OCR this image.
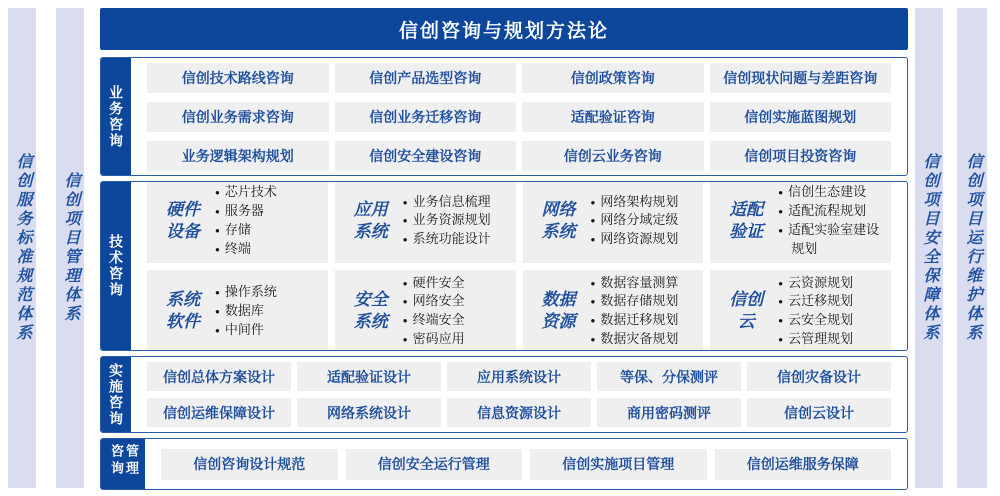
信创服务标准规范体系 信创项目管理体系
信创咨询与规划方法论
业务咨询
信创技术路线咨询	信创产品选型咨询	信创政策咨询	信创现状问题与差距咨询
信创业务需求咨询	信创业务迁移咨询	适配验证咨询	信创实施蓝图规划
业务逻辑架构规划	信创安全建设咨询	信创云业务咨询	信创项目投资咨询
技术咨询
硬件设备
● 芯片技术
● 服务器
● 存储
● 终端
应用系统
● 业务信息梳理
● 业务资源规划
● 系统功能设计
网络系统
● 网络架构规划
● 网络分域定级
● 网络资源规划
适配验证
● 信创生态建设
● 适配流程规划
● 适配实验室建设规划
系统软件
● 操作系统
● 数据库
● 中间件
安全系统
● 硬件安全
● 网络安全
● 终端安全
● 密码应用
数据资源
● 数据容量测算
● 数据存储规划
● 数据迁移规划
● 数据灾备规划
信创云
● 云资源规划
● 云迁移规划
● 云安全规划
● 云管理规划
实施咨询	信创总体方案设计	适配验证设计	应用系统设计	等保、分保测评	信创灾备设计
信创运维保障设计	网络系统设计	信息资源设计	商用密码测评	信创云设计
咨询管理	信创咨询设计规范	信创安全运行管理	信创实施项目管理	信创运维服务保障
信创项目安全保障体系 信创项目运行维护体系
